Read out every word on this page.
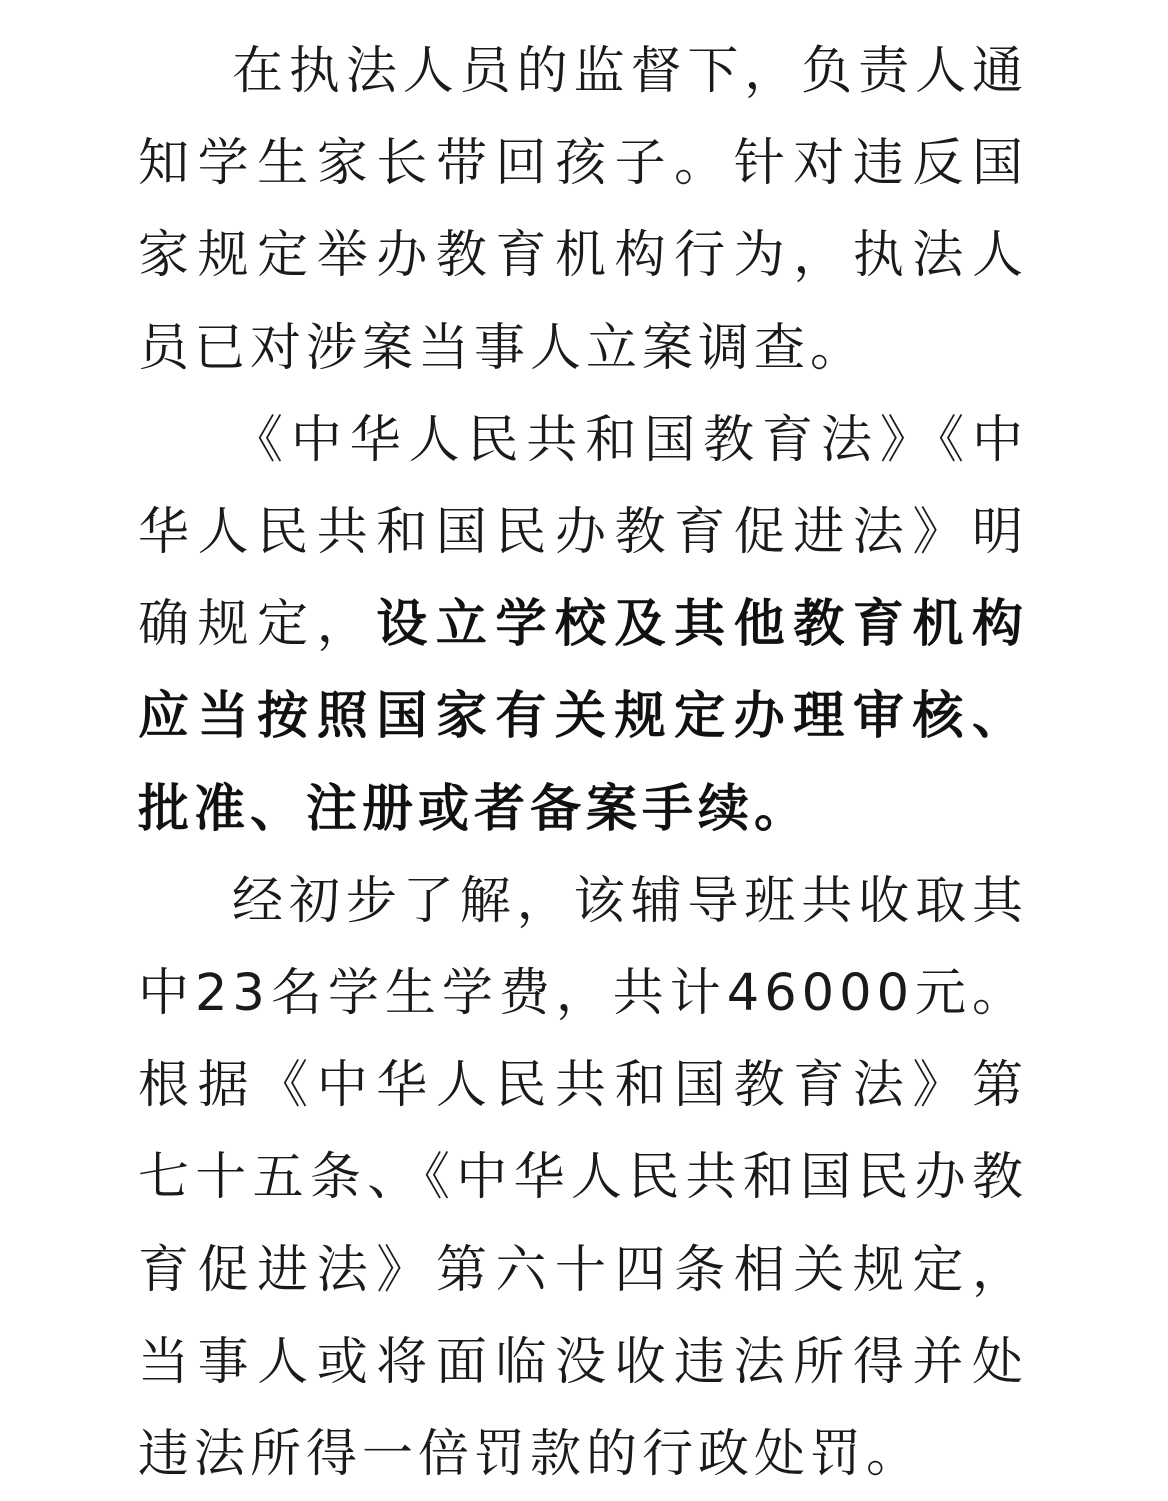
在执法人员的监督下，负责人通知学生家长带回孩子。针对违反国家规定举办教育机构行为，执法人员已对涉案当事人立案调查。

《中华人民共和国教育法》《中华人民共和国民办教育促进法》明确规定，设立学校及其他教育机构应当按照国家有关规定办理审核、批准、注册或者备案手续。

经初步了解，该辅导班共收取其中23名学生学费，共计46000元。根据《中华人民共和国教育法》第七十五条、《中华人民共和国民办教育促进法》第六十四条相关规定，当事人或将面临没收违法所得并处违法所得一倍罚款的行政处罚。
